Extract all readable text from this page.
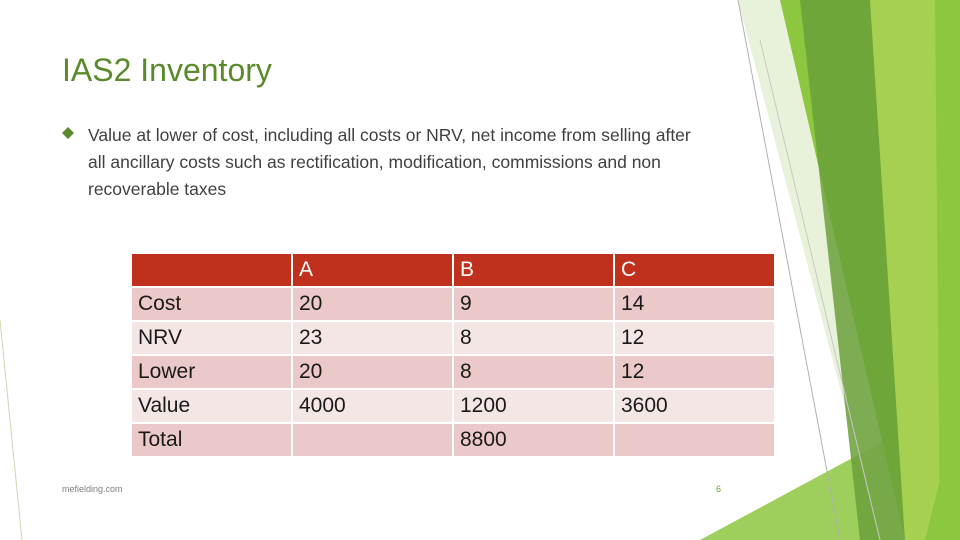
IAS2 Inventory
Value at lower of cost, including all costs or NRV, net income from selling after all ancillary costs such as rectification, modification, commissions and non recoverable taxes
	A	B	C
Cost	20	9	14
NRV	23	8	12
Lower	20	8	12
Value	4000	1200	3600
Total		8800	
mefielding.com	6
